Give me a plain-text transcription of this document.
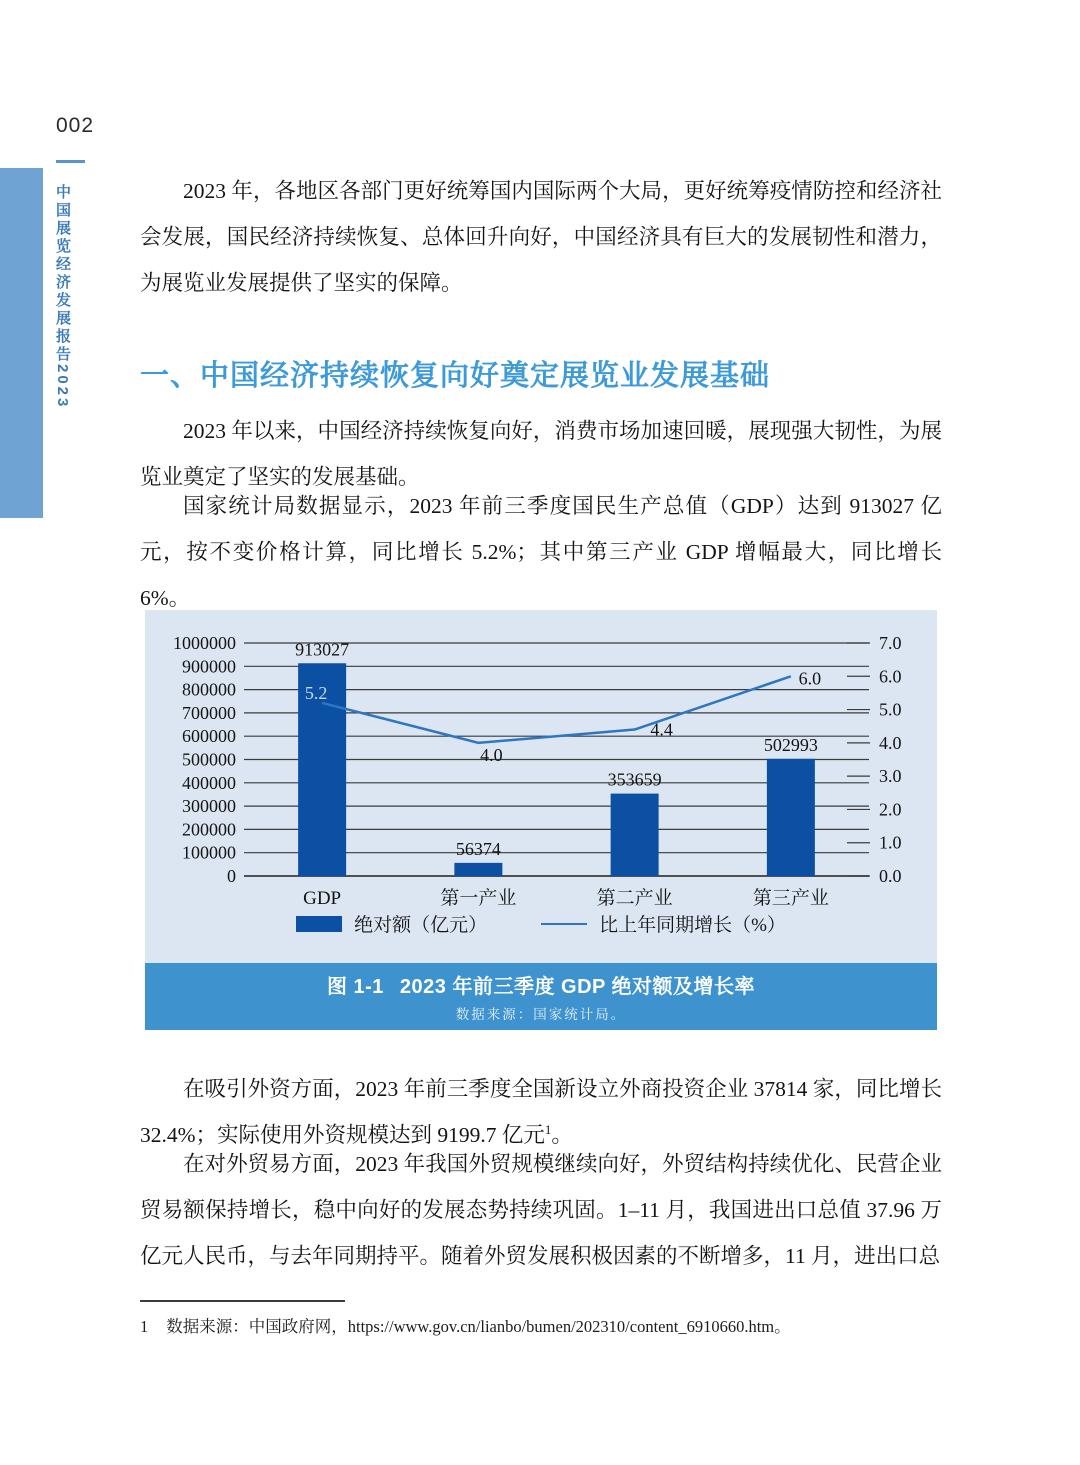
002
中国展览经济发展报告2023	2023 年，各地区各部门更好统筹国内国际两个大局，更好统筹疫情防控和经济社会发展，国民经济持续恢复、总体回升向好，中国经济具有巨大的发展韧性和潜力，为展览业发展提供了坚实的保障。

一、中国经济持续恢复向好奠定展览业发展基础

2023 年以来，中国经济持续恢复向好，消费市场加速回暖，展现强大韧性，为展览业奠定了坚实的发展基础。

国家统计局数据显示，2023 年前三季度国民生产总值（GDP）达到 913027 亿元，按不变价格计算，同比增长 5.2%；其中第三产业 GDP 增幅最大，同比增长 6%。

0
100000
200000
300000
400000
500000
600000
700000
800000
900000
1000000
0.0
1.0
2.0
3.0
4.0
5.0
6.0
7.0
913027
56374
353659
502993
5.2
4.0
4.4
6.0
GDP	第一产业	第二产业	第三产业
绝对额（亿元）	比上年同期增长（%）
图 1-1 2023 年前三季度 GDP 绝对额及增长率
数据来源：国家统计局。

在吸引外资方面，2023 年前三季度全国新设立外商投资企业 37814 家，同比增长 32.4%；实际使用外资规模达到 9199.7 亿元$^1$。

在对外贸易方面，2023 年我国外贸规模继续向好，外贸结构持续优化、民营企业贸易额保持增长，稳中向好的发展态势持续巩固。1–11 月，我国进出口总值 37.96 万亿元人民币，与去年同期持平。随着外贸发展积极因素的不断增多，11 月，进出口总

1 数据来源：中国政府网，https://www.gov.cn/lianbo/bumen/202310/content_6910660.htm。
